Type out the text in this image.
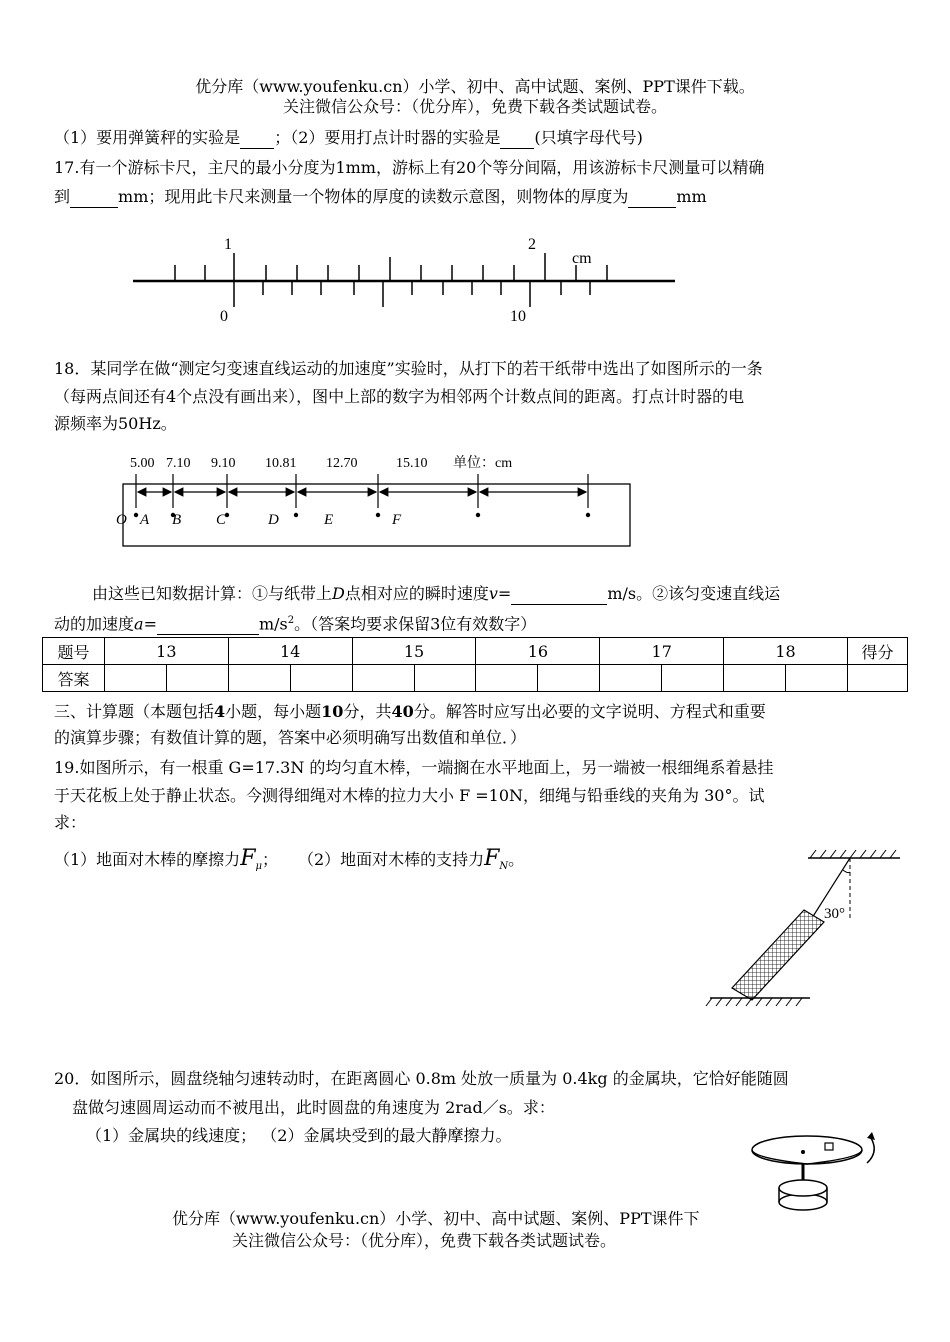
优分库（www.youfenku.cn）小学、初中、高中试题、案例、PPT课件下载。
关注微信公众号：（优分库），免费下载各类试题试卷。
（1）要用弹簧秤的实验是 ；（2）要用打点计时器的实验是 (只填字母代号)
17.有一个游标卡尺，主尺的最小分度为1mm，游标上有20个等分间隔，用该游标卡尺测量可以精确
到	mm；现用此卡尺来测量一个物体的厚度的读数示意图，则物体的厚度为	mm
1	2
cm
0	10
18．某同学在做“测定匀变速直线运动的加速度”实验时，从打下的若干纸带中选出了如图所示的一条
（每两点间还有4个点没有画出来），图中上部的数字为相邻两个计数点间的距离。打点计时器的电
源频率为50Hz。
5.00 7.10 9.10 10.81 12.70	15.10 单位：cm
O A B C	D	E	F
由这些已知数据计算：①与纸带上D点相对应的瞬时速度v=	m/s。②该匀变速直线运
动的加速度a=	$m/s^2$。（答案均要求保留3位有效数字）
题号	13		14		15		16		17		18		得分
答案													
三、计算题（本题包括4小题，每小题10分，共40分。解答时应写出必要的文字说明、方程式和重要
的演算步骤；有数值计算的题，答案中必须明确写出数值和单位．）
19.如图所示，有一根重 G=17.3N 的均匀直木棒，一端搁在水平地面上，另一端被一根细绳系着悬挂
于天花板上处于静止状态。今测得细绳对木棒的拉力大小 F =10N，细绳与铅垂线的夹角为 30°。试
求：
（1）地面对木棒的摩擦力$F_\mu$； （2）地面对木棒的支持力$F_N$。
30°
20．如图所示，圆盘绕轴匀速转动时，在距离圆心 0.8m 处放一质量为 0.4kg 的金属块，它恰好能随圆
盘做匀速圆周运动而不被甩出，此时圆盘的角速度为 2rad／s。求：
（1）金属块的线速度； （2）金属块受到的最大静摩擦力。
优分库（www.youfenku.cn）小学、初中、高中试题、案例、PPT课件下
关注微信公众号：（优分库），免费下载各类试题试卷。
